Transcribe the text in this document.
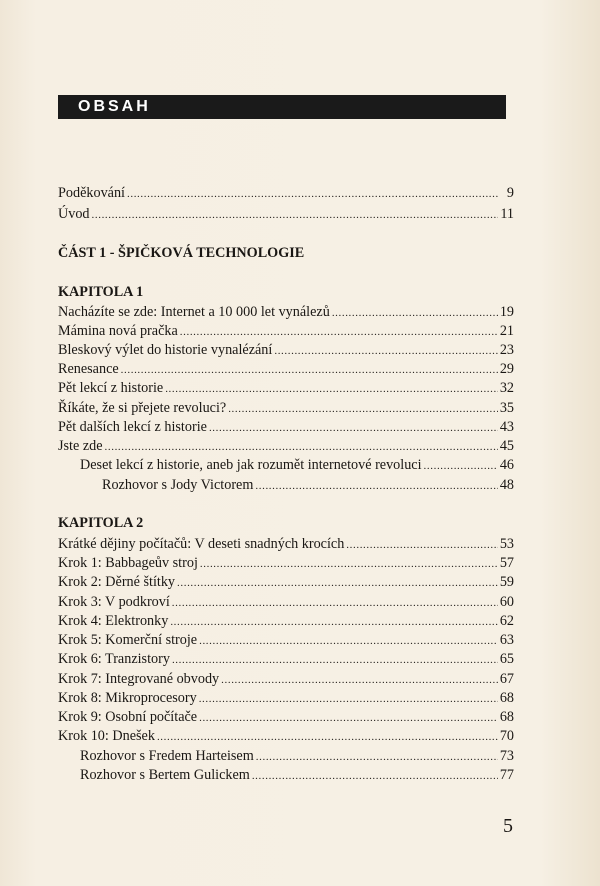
OBSAH
Poděkování .....	9
Úvod .....	11
ČÁST 1 - ŠPIČKOVÁ TECHNOLOGIE
KAPITOLA 1
Nacházíte se zde: Internet a 10 000 let vynálezů .....	19
Mámina nová pračka .....	21
Bleskový výlet do historie vynalézání .....	23
Renesance .....	29
Pět lekcí z historie .....	32
Říkáte, že si přejete revoluci? .....	35
Pět dalších lekcí z historie .....	43
Jste zde .....	45
Deset lekcí z historie, aneb jak rozumět internetové revoluci .....	46
Rozhovor s Jody Victorem .....	48
KAPITOLA 2
Krátké dějiny počítačů: V deseti snadných krocích .....	53
Krok 1: Babbageův stroj .....	57
Krok 2: Děrné štítky .....	59
Krok 3: V podkroví .....	60
Krok 4: Elektronky .....	62
Krok 5: Komerční stroje .....	63
Krok 6: Tranzistory .....	65
Krok 7: Integrované obvody .....	67
Krok 8: Mikroprocesory .....	68
Krok 9: Osobní počítače .....	68
Krok 10: Dnešek .....	70
Rozhovor s Fredem Harteisem .....	73
Rozhovor s Bertem Gulickem .....	77
5
